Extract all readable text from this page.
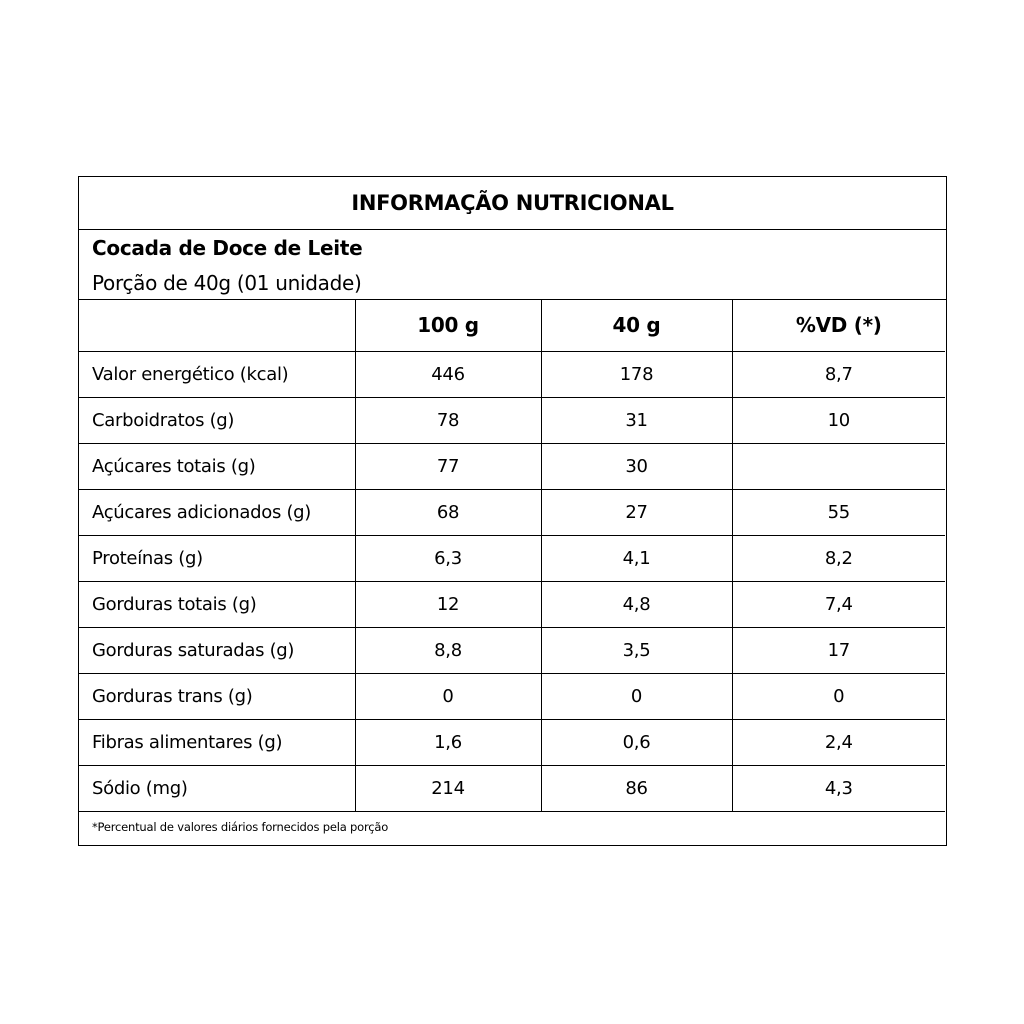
INFORMAÇÃO NUTRICIONAL
Cocada de Doce de Leite
Porção de 40g (01 unidade)
	100 g	40 g	%VD (*)
Valor energético (kcal)	446	178	8,7
Carboidratos (g)	78	31	10
Açúcares totais (g)	77	30	
Açúcares adicionados (g)	68	27	55
Proteínas (g)	6,3	4,1	8,2
Gorduras totais (g)	12	4,8	7,4
Gorduras saturadas (g)	8,8	3,5	17
Gorduras trans (g)	0	0	0
Fibras alimentares (g)	1,6	0,6	2,4
Sódio (mg)	214	86	4,3
*Percentual de valores diários fornecidos pela porção
